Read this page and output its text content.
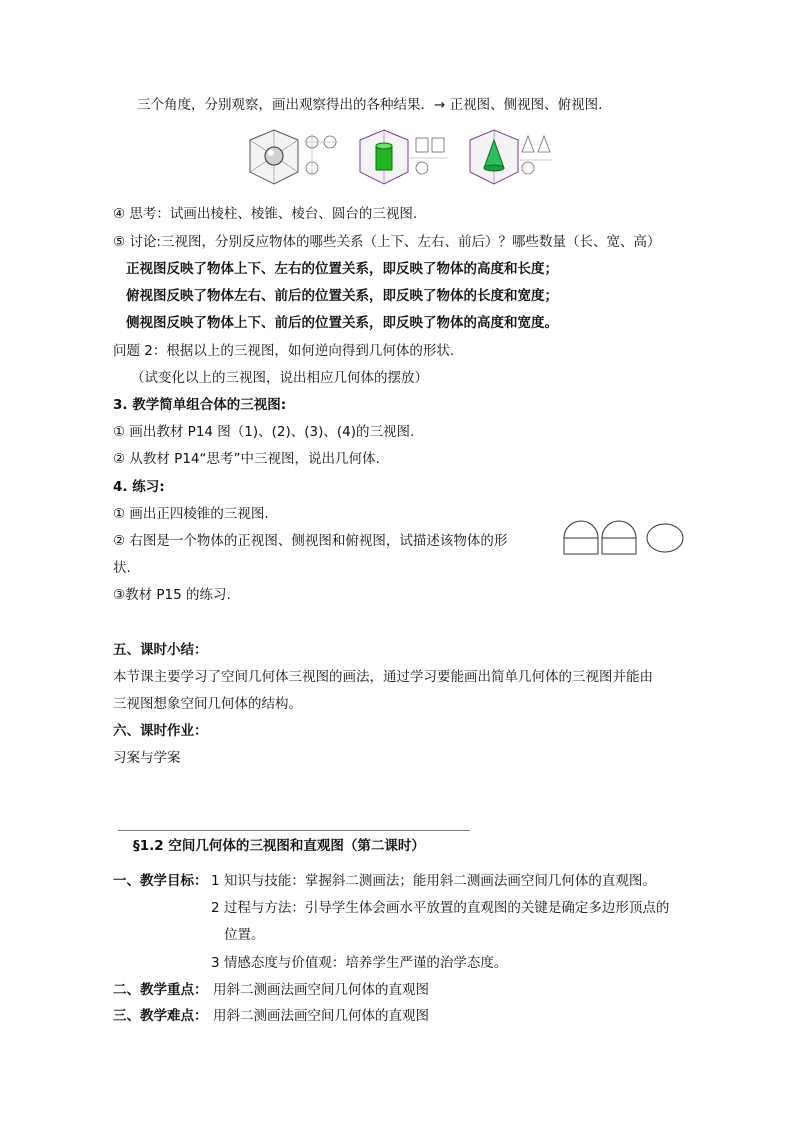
三个角度，分别观察，画出观察得出的各种结果．→ 正视图、侧视图、俯视图.
④ 思考：试画出棱柱、棱锥、棱台、圆台的三视图.
⑤ 讨论:三视图，分别反应物体的哪些关系（上下、左右、前后）？哪些数量（长、宽、高）
正视图反映了物体上下、左右的位置关系，即反映了物体的高度和长度；
俯视图反映了物体左右、前后的位置关系，即反映了物体的长度和宽度；
侧视图反映了物体上下、前后的位置关系，即反映了物体的高度和宽度。
问题 2：根据以上的三视图，如何逆向得到几何体的形状.
（试变化以上的三视图，说出相应几何体的摆放）
3. 教学简单组合体的三视图:
① 画出教材 P14 图（1)、(2)、(3)、(4)的三视图.
② 从教材 P14“思考”中三视图，说出几何体.
4. 练习:
① 画出正四棱锥的三视图.
② 右图是一个物体的正视图、侧视图和俯视图，试描述该物体的形
状.
③教材 P15 的练习.
五、课时小结：
本节课主要学习了空间几何体三视图的画法，通过学习要能画出简单几何体的三视图并能由
三视图想象空间几何体的结构。
六、课时作业：
习案与学案
§1.2 空间几何体的三视图和直观图（第二课时）
一、教学目标： 1 知识与技能：掌握斜二测画法；能用斜二测画法画空间几何体的直观图。
2 过程与方法：引导学生体会画水平放置的直观图的关键是确定多边形顶点的
位置。
3 情感态度与价值观：培养学生严谨的治学态度。
二、教学重点： 用斜二测画法画空间几何体的直观图
三、教学难点： 用斜二测画法画空间几何体的直观图
